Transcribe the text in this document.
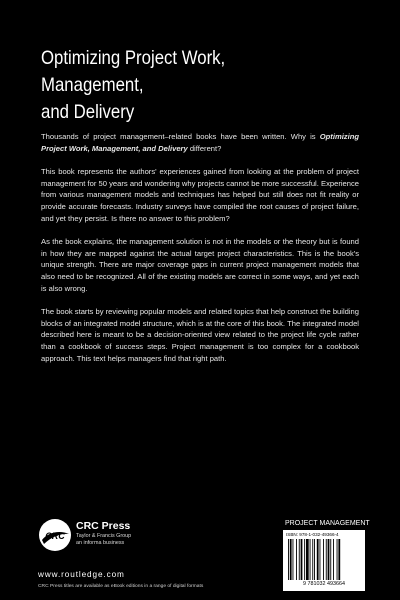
Optimizing Project Work, Management,
and Delivery

Thousands of project management–related books have been written. Why is Optimizing Project Work, Management, and Delivery different?

This book represents the authors' experiences gained from looking at the problem of project management for 50 years and wondering why projects cannot be more successful. Experience from various management models and techniques has helped but still does not fit reality or provide accurate forecasts. Industry surveys have compiled the root causes of project failure, and yet they persist. Is there no answer to this problem?

As the book explains, the management solution is not in the models or the theory but is found in how they are mapped against the actual target project characteristics. This is the book's unique strength. There are major coverage gaps in current project management models that also need to be recognized. All of the existing models are correct in some ways, and yet each is also wrong.

The book starts by reviewing popular models and related topics that help construct the building blocks of an integrated model structure, which is at the core of this book. The integrated model described here is meant to be a decision-oriented view related to the project life cycle rather than a cookbook of success steps. Project management is too complex for a cookbook approach. This text helps managers find that right path.

CRC
CRC Press
Taylor & Francis Group
an informa business
www.routledge.com
CRC Press titles are available as eBook editions in a range of digital formats
PROJECT MANAGEMENT
ISBN: 978-1-032-49366-4
9 781032 493664
